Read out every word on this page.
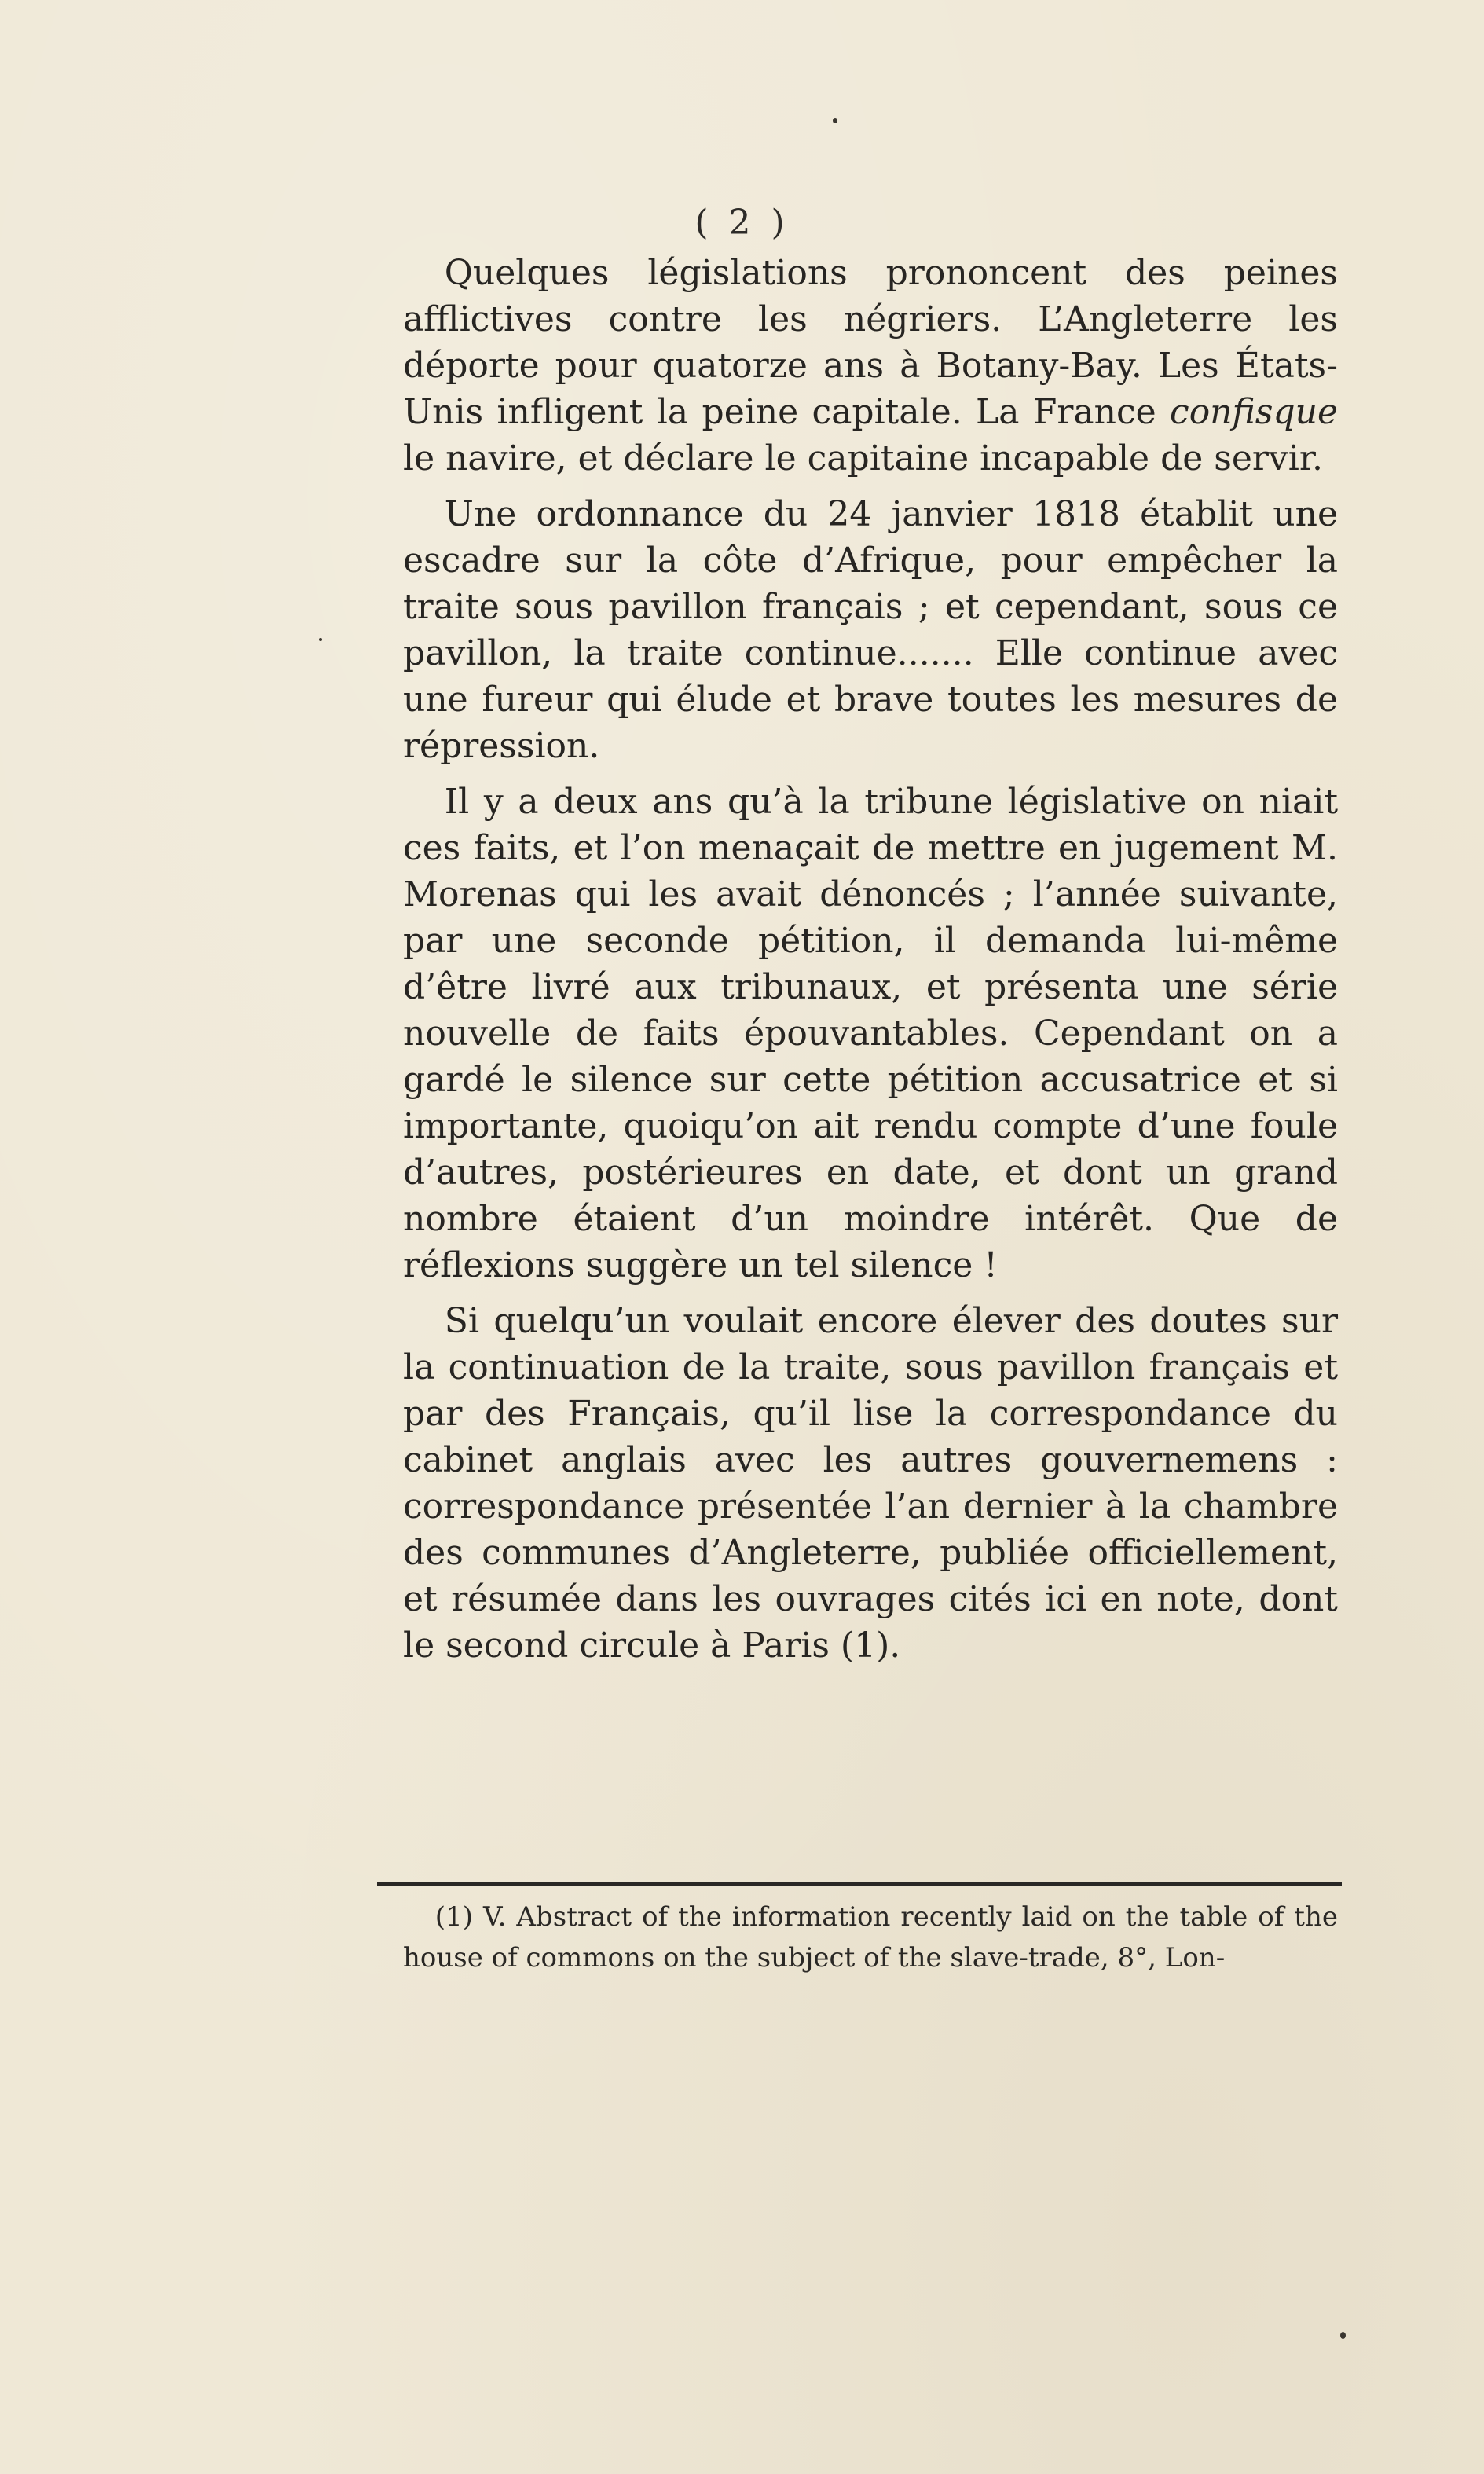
( 2 )

Quelques législations prononcent des peines afflictives contre les négriers. L’Angleterre les déporte pour quatorze ans à Botany-Bay. Les États-Unis infligent la peine capitale. La France confisque le navire, et déclare le capitaine incapable de servir.

Une ordonnance du 24 janvier 1818 établit une escadre sur la côte d’Afrique, pour empêcher la traite sous pavillon français ; et cependant, sous ce pavillon, la traite continue....... Elle continue avec une fureur qui élude et brave toutes les mesures de répression.

Il y a deux ans qu’à la tribune législative on niait ces faits, et l’on menaçait de mettre en jugement M. Morenas qui les avait dénoncés ; l’année suivante, par une seconde pétition, il demanda lui-même d’être livré aux tribunaux, et présenta une série nouvelle de faits épouvantables. Cependant on a gardé le silence sur cette pétition accusatrice et si importante, quoiqu’on ait rendu compte d’une foule d’autres, postérieures en date, et dont un grand nombre étaient d’un moindre intérêt. Que de réflexions suggère un tel silence !

Si quelqu’un voulait encore élever des doutes sur la continuation de la traite, sous pavillon français et par des Français, qu’il lise la correspondance du cabinet anglais avec les autres gouvernemens : correspondance présentée l’an dernier à la chambre des communes d’Angleterre, publiée officiellement, et résumée dans les ouvrages cités ici en note, dont le second circule à Paris (1).

(1) V. Abstract of the information recently laid on the table of the house of commons on the subject of the slave-trade, 8°, Lon-
